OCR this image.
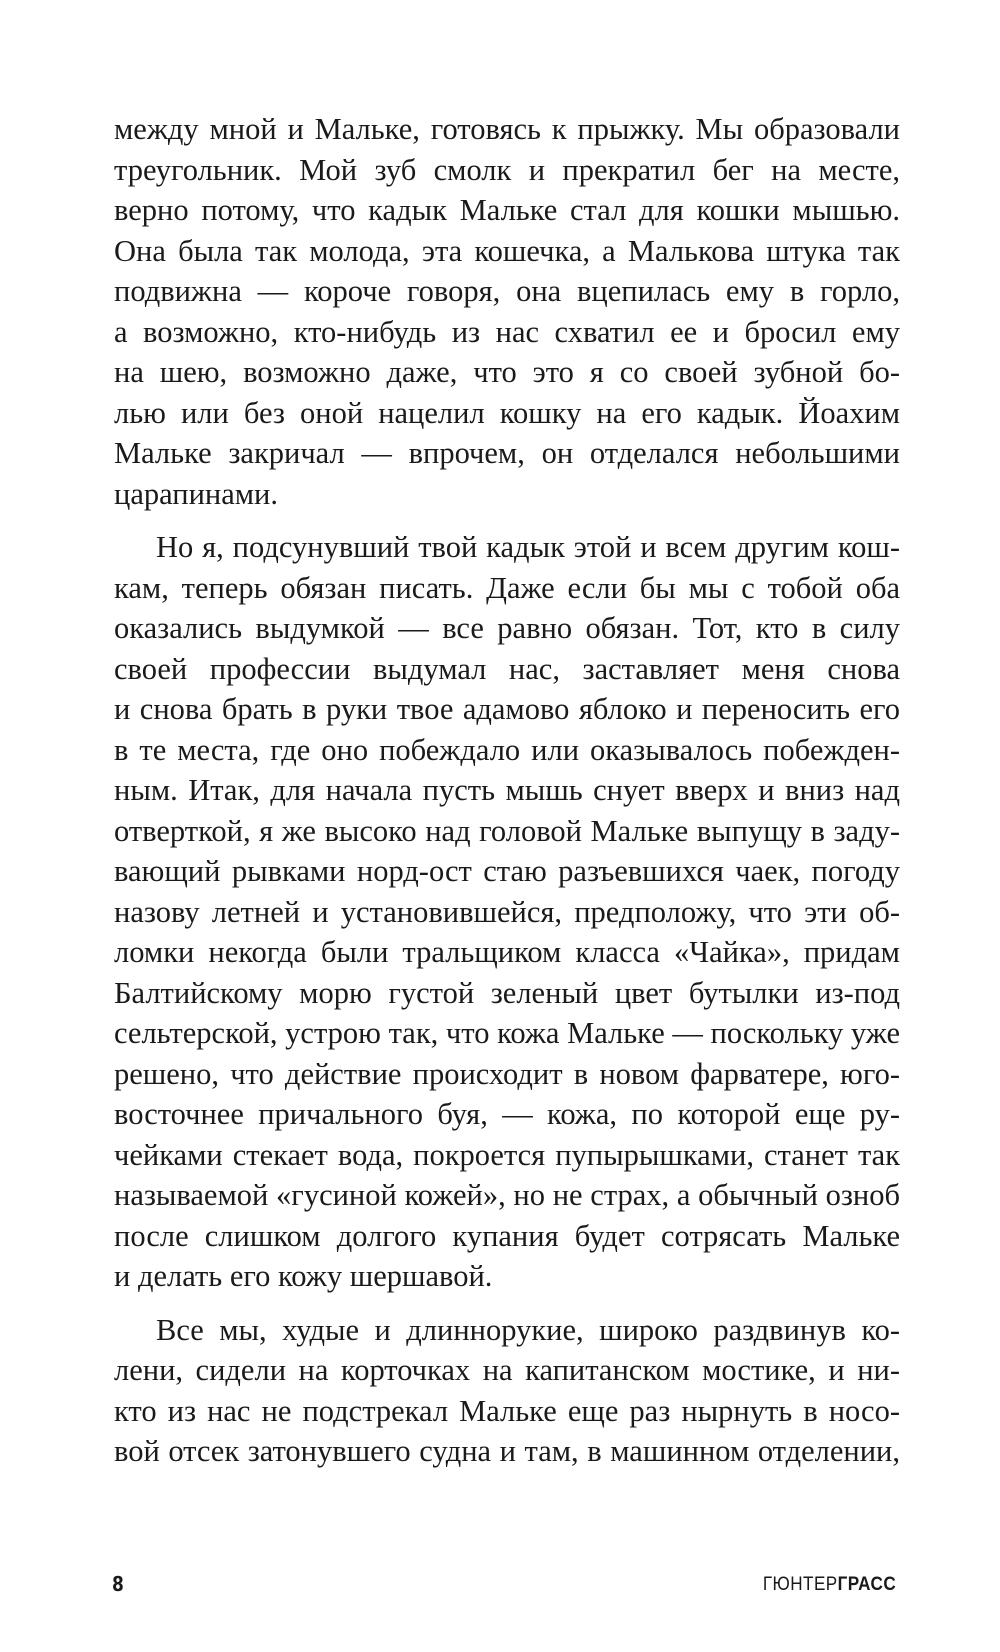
между мной и Мальке, готовясь к прыжку. Мы образовали
треугольник. Мой зуб смолк и прекратил бег на месте,
верно потому, что кадык Мальке стал для кошки мышью.
Она была так молода, эта кошечка, а Малькова штука так
подвижна — короче говоря, она вцепилась ему в горло,
а возможно, кто-нибудь из нас схватил ее и бросил ему
на шею, возможно даже, что это я со своей зубной бо-
лью или без оной нацелил кошку на его кадык. Йоахим
Мальке закричал — впрочем, он отделался небольшими
царапинами.
Но я, подсунувший твой кадык этой и всем другим кош-
кам, теперь обязан писать. Даже если бы мы с тобой оба
оказались выдумкой — все равно обязан. Тот, кто в силу
своей профессии выдумал нас, заставляет меня снова
и снова брать в руки твое адамово яблоко и переносить его
в те места, где оно побеждало или оказывалось побежден-
ным. Итак, для начала пусть мышь снует вверх и вниз над
отверткой, я же высоко над головой Мальке выпущу в заду-
вающий рывками норд-ост стаю разъевшихся чаек, погоду
назову летней и установившейся, предположу, что эти об-
ломки некогда были тральщиком класса «Чайка», придам
Балтийскому морю густой зеленый цвет бутылки из-под
сельтерской, устрою так, что кожа Мальке — поскольку уже
решено, что действие происходит в новом фарватере, юго-
восточнее причального буя, — кожа, по которой еще ру-
чейками стекает вода, покроется пупырышками, станет так
называемой «гусиной кожей», но не страх, а обычный озноб
после слишком долгого купания будет сотрясать Мальке
и делать его кожу шершавой.
Все мы, худые и длиннорукие, широко раздвинув ко-
лени, сидели на корточках на капитанском мостике, и ни-
кто из нас не подстрекал Мальке еще раз нырнуть в носо-
вой отсек затонувшего судна и там, в машинном отделении,
8	ГЮНТЕРГРАСС
